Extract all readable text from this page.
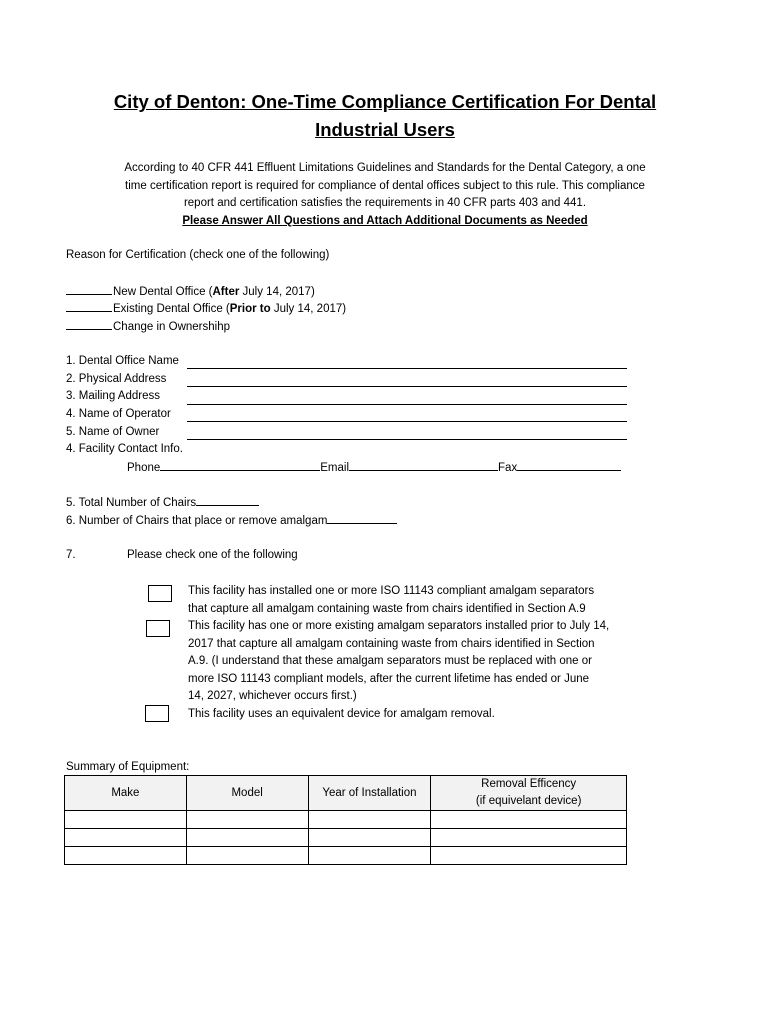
City of Denton: One-Time Compliance Certification For Dental
Industrial Users
According to 40 CFR 441 Effluent Limitations Guidelines and Standards for the Dental Category, a one
time certification report is required for compliance of dental offices subject to this rule. This compliance
report and certification satisfies the requirements in 40 CFR parts 403 and 441.
Please Answer All Questions and Attach Additional Documents as Needed
Reason for Certification (check one of the following)
New Dental Office (After July 14, 2017)
Existing Dental Office (Prior to July 14, 2017)
Change in Ownershihp
1. Dental Office Name
2. Physical Address
3. Mailing Address
4. Name of Operator
5. Name of Owner
4. Facility Contact Info.
Phone	Email	Fax
5. Total Number of Chairs
6. Number of Chairs that place or remove amalgam
7.	Please check one of the following
This facility has installed one or more ISO 11143 compliant amalgam separators
that capture all amalgam containing waste from chairs identified in Section A.9
This facility has one or more existing amalgam separators installed prior to July 14,
2017 that capture all amalgam containing waste from chairs identified in Section
A.9. (I understand that these amalgam separators must be replaced with one or
more ISO 11143 compliant models, after the current lifetime has ended or June
14, 2027, whichever occurs first.)
This facility uses an equivalent device for amalgam removal.
Summary of Equipment:
Make	Model	Year of Installation	Removal Efficency
(if equivelant device)
